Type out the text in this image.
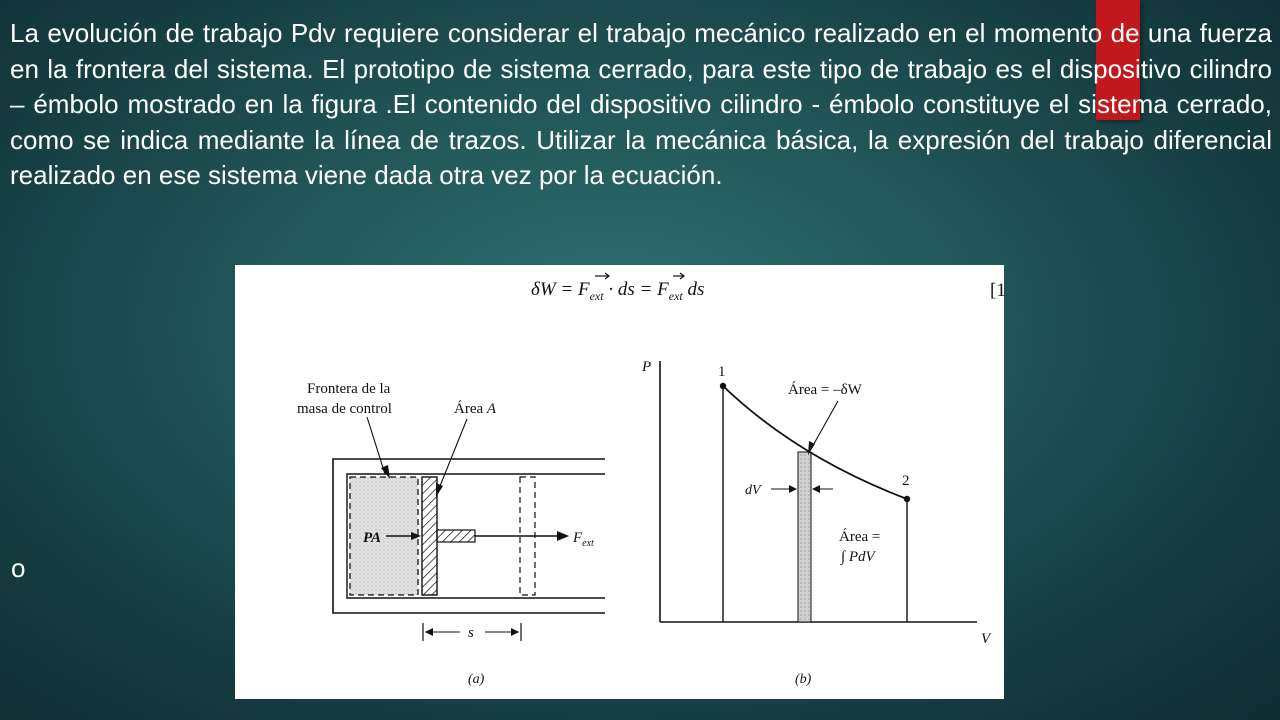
La evolución de trabajo Pdv requiere considerar el trabajo mecánico realizado en el momento de una fuerza en la frontera del sistema. El prototipo de sistema cerrado, para este tipo de trabajo es el dispositivo cilindro – émbolo mostrado en la figura .El contenido del dispositivo cilindro - émbolo constituye el sistema cerrado, como se indica mediante la línea de trazos. Utilizar la mecánica básica, la expresión del trabajo diferencial realizado en ese sistema viene dada otra vez por la ecuación.

o
$\delta W = F_{ext}$ · ds = $F_{ext}$ ds	[1
$F_{ext}$
PA
Frontera de la
masa de control	Área A
s
(a)
P
V
1
2
Área = –δW
dV
Área =
∫ PdV
(b)
